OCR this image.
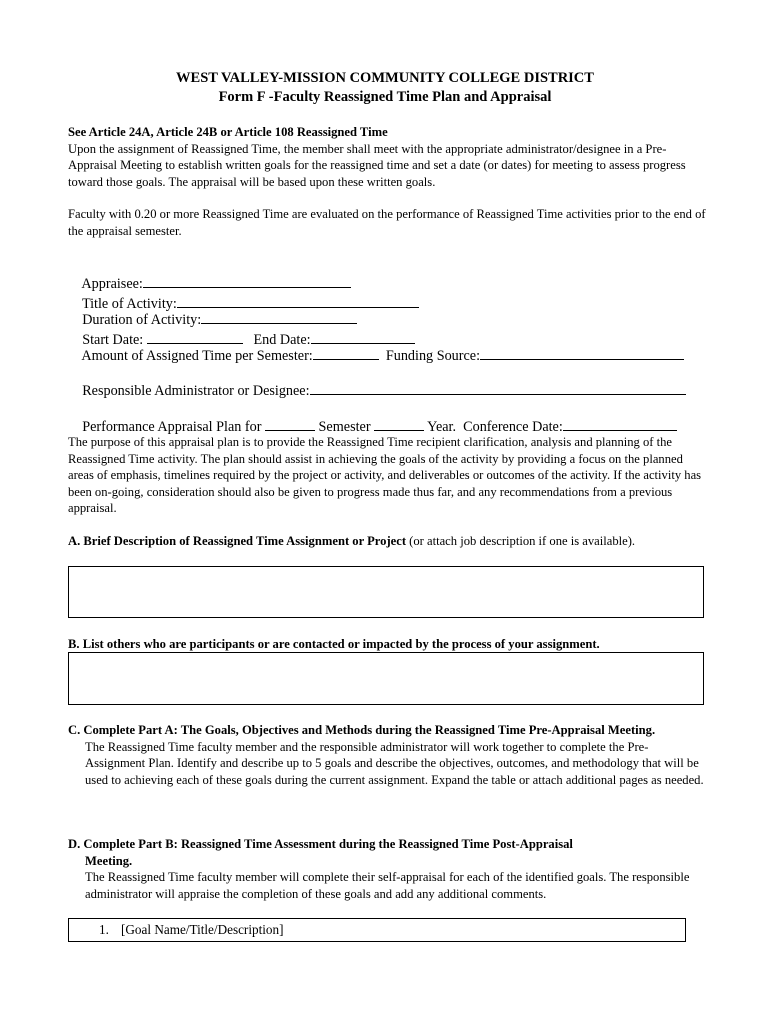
WEST VALLEY-MISSION COMMUNITY COLLEGE DISTRICT
Form F -Faculty Reassigned Time Plan and Appraisal

See Article 24A, Article 24B or Article 108 Reassigned Time

Upon the assignment of Reassigned Time, the member shall meet with the appropriate administrator/designee in a Pre-Appraisal Meeting to establish written goals for the reassigned time and set a date (or dates) for meeting to assess progress toward those goals. The appraisal will be based upon these written goals.

Faculty with 0.20 or more Reassigned Time are evaluated on the performance of Reassigned Time activities prior to the end of the appraisal semester.

Appraisee:
Title of Activity:

Duration of Activity:
Start Date:	End Date:

Amount of Assigned Time per Semester:	Funding Source:

Responsible Administrator or Designee:

Performance Appraisal Plan for	Semester	Year.  Conference Date:

The purpose of this appraisal plan is to provide the Reassigned Time recipient clarification, analysis and planning of the Reassigned Time activity. The plan should assist in achieving the goals of the activity by providing a focus on the planned areas of emphasis, timelines required by the project or activity, and deliverables or outcomes of the activity. If the activity has been on-going, consideration should also be given to progress made thus far, and any recommendations from a previous appraisal.
A. Brief Description of Reassigned Time Assignment or Project (or attach job description if one is available).
B. List others who are participants or are contacted or impacted by the process of your assignment.

C. Complete Part A: The Goals, Objectives and Methods during the Reassigned Time Pre-Appraisal Meeting.

The Reassigned Time faculty member and the responsible administrator will work together to complete the Pre-Assignment Plan. Identify and describe up to 5 goals and describe the objectives, outcomes, and methodology that will be used to achieving each of these goals during the current assignment. Expand the table or attach additional pages as needed.

D. Complete Part B: Reassigned Time Assessment during the Reassigned Time Post-Appraisal

Meeting.

The Reassigned Time faculty member will complete their self-appraisal for each of the identified goals. The responsible administrator will appraise the completion of these goals and add any additional comments.

1. [Goal Name/Title/Description]
